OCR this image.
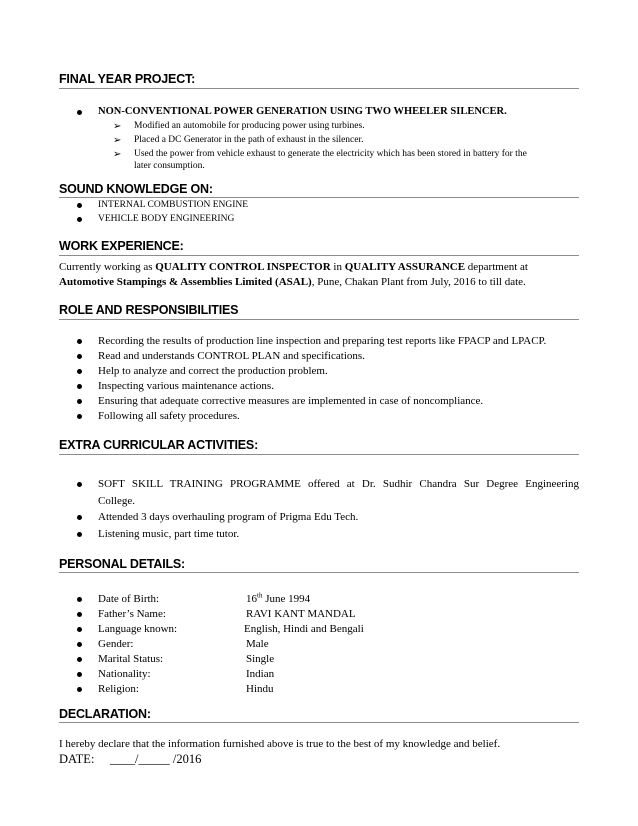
FINAL YEAR PROJECT:
NON-CONVENTIONAL POWER GENERATION USING TWO WHEELER SILENCER.
➢ Modified an automobile for producing power using turbines.
➢ Placed a DC Generator in the path of exhaust in the silencer.
➢ Used the power from vehicle exhaust to generate the electricity which has been stored in battery for the
later consumption.
SOUND KNOWLEDGE ON:
INTERNAL COMBUSTION ENGINE
VEHICLE BODY ENGINEERING
WORK EXPERIENCE:
Currently working as QUALITY CONTROL INSPECTOR in QUALITY ASSURANCE department at
Automotive Stampings & Assemblies Limited (ASAL), Pune, Chakan Plant from July, 2016 to till date.
ROLE AND RESPONSIBILITIES
Recording the results of production line inspection and preparing test reports like FPACP and LPACP.
Read and understands CONTROL PLAN and specifications.
Help to analyze and correct the production problem.
Inspecting various maintenance actions.
Ensuring that adequate corrective measures are implemented in case of noncompliance.
Following all safety procedures.
EXTRA CURRICULAR ACTIVITIES:
SOFT SKILL TRAINING PROGRAMME offered at Dr. Sudhir Chandra Sur Degree Engineering
College.
Attended 3 days overhauling program of Prigma Edu Tech.
Listening music, part time tutor.
PERSONAL DETAILS:
Date of Birth:	16th June 1994
Father’s Name:	RAVI KANT MANDAL
Language known:	English, Hindi and Bengali
Gender:	Male
Marital Status:	Single
Nationality:	Indian
Religion:	Hindu
DECLARATION:
I hereby declare that the information furnished above is true to the best of my knowledge and belief.
DATE:     ____/_____ /2016
